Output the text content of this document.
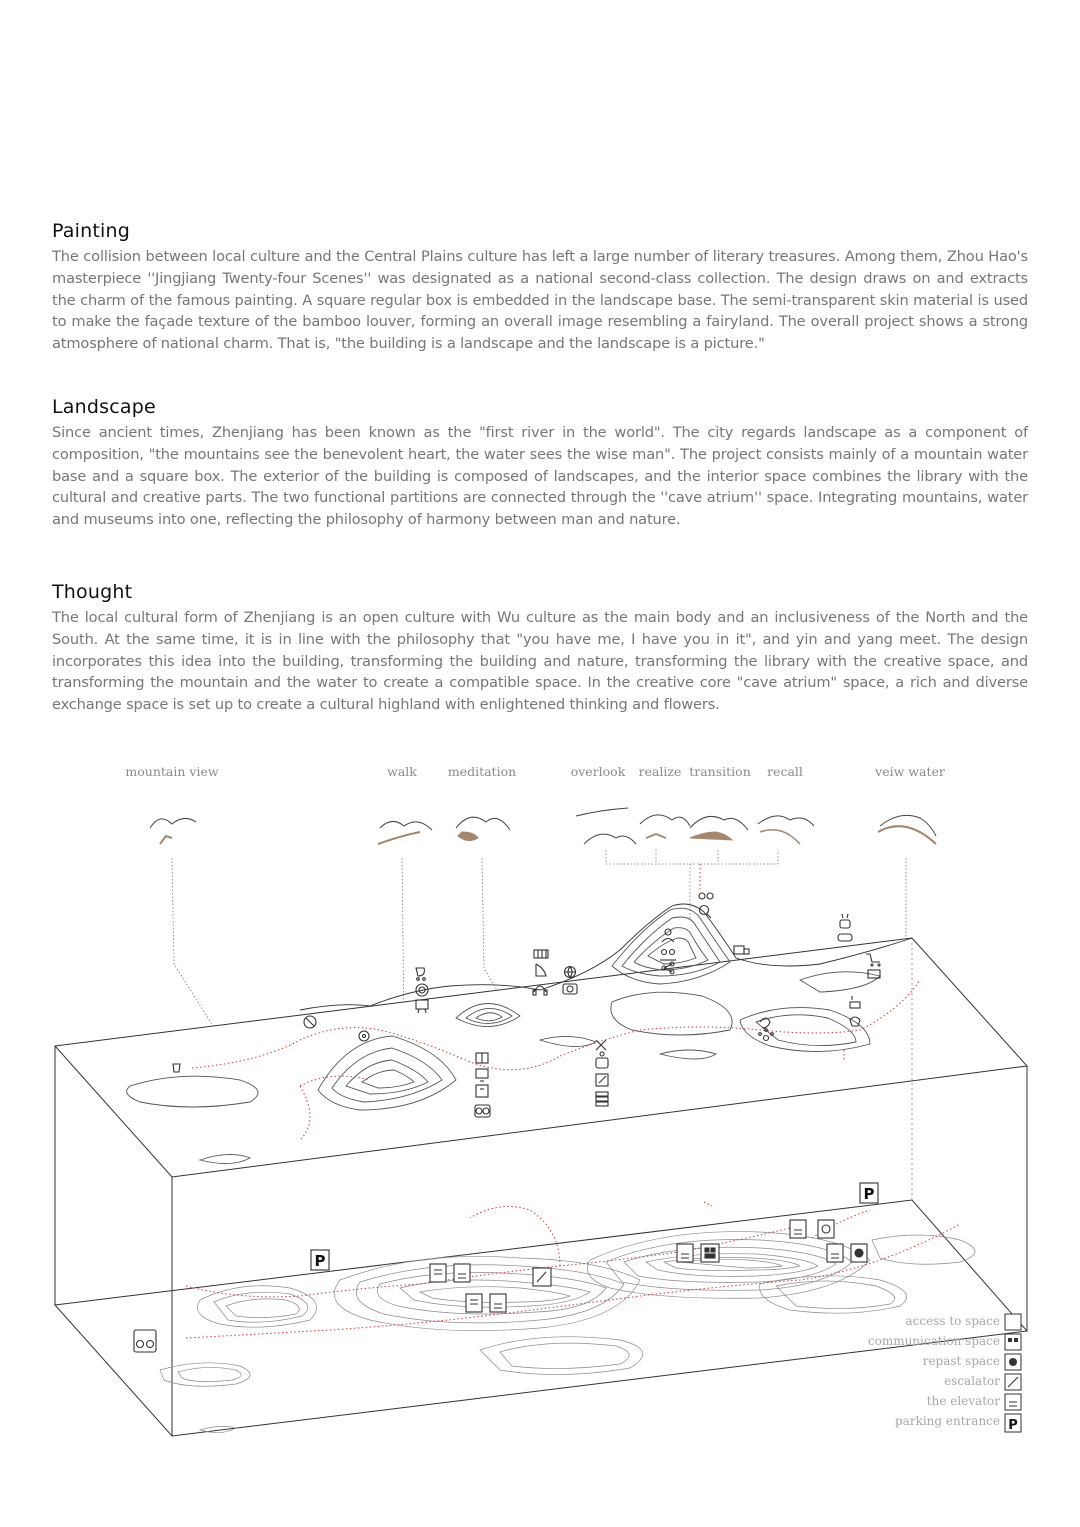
Painting

The collision between local culture and the Central Plains culture has left a large number of literary treasures. Among them, Zhou Hao's masterpiece ''Jingjiang Twenty-four Scenes'' was designated as a national second-class collection. The design draws on and extracts the charm of the famous painting. A square regular box is embedded in the landscape base. The semi-transparent skin material is used to make the façade texture of the bamboo louver, forming an overall image resembling a fairyland. The overall project shows a strong atmosphere of national charm. That is, "the building is a landscape and the landscape is a picture."

Landscape

Since ancient times, Zhenjiang has been known as the "first river in the world". The city regards landscape as a component of composition, "the mountains see the benevolent heart, the water sees the wise man". The project consists mainly of a mountain water base and a square box. The exterior of the building is composed of landscapes, and the interior space combines the library with the cultural and creative parts. The two functional partitions are connected through the ''cave atrium'' space. Integrating mountains, water and museums into one, reflecting the philosophy of harmony between man and nature.

Thought

The local cultural form of Zhenjiang is an open culture with Wu culture as the main body and an inclusiveness of the North and the South. At the same time, it is in line with the philosophy that "you have me, I have you in it", and yin and yang meet. The design incorporates this idea into the building, transforming the building and nature, transforming the library with the creative space, and transforming the mountain and the water to create a compatible space. In the creative core "cave atrium" space, a rich and diverse exchange space is set up to create a cultural highland with enlightened thinking and flowers.

mountain view	walk meditation	overlook realize transition recall	veiw water
P
P
access to space
communication space
repast space
escalator
the elevator
parking entrance P
